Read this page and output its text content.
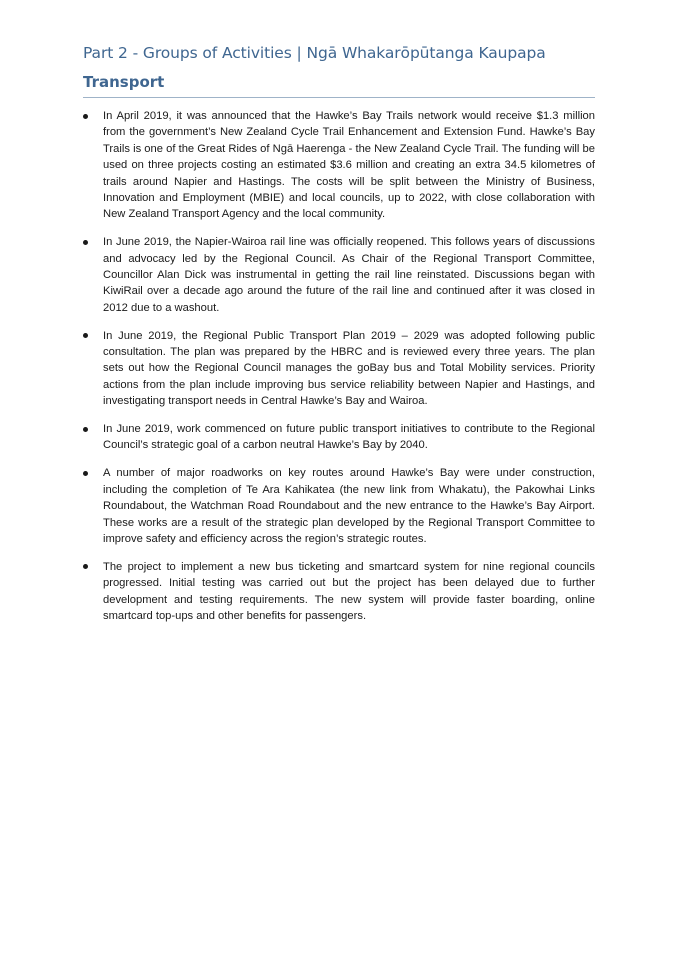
Part 2 - Groups of Activities | Ngā Whakarōpūtanga Kaupapa
Transport
In April 2019, it was announced that the Hawke’s Bay Trails network would receive $1.3 million from the government’s New Zealand Cycle Trail Enhancement and Extension Fund. Hawke’s Bay Trails is one of the Great Rides of Ngā Haerenga - the New Zealand Cycle Trail. The funding will be used on three projects costing an estimated $3.6 million and creating an extra 34.5 kilometres of trails around Napier and Hastings. The costs will be split between the Ministry of Business, Innovation and Employment (MBIE) and local councils, up to 2022, with close collaboration with New Zealand Transport Agency and the local community.
In June 2019, the Napier-Wairoa rail line was officially reopened. This follows years of discussions and advocacy led by the Regional Council. As Chair of the Regional Transport Committee, Councillor Alan Dick was instrumental in getting the rail line reinstated. Discussions began with KiwiRail over a decade ago around the future of the rail line and continued after it was closed in 2012 due to a washout.
In June 2019, the Regional Public Transport Plan 2019 – 2029 was adopted following public consultation. The plan was prepared by the HBRC and is reviewed every three years. The plan sets out how the Regional Council manages the goBay bus and Total Mobility services. Priority actions from the plan include improving bus service reliability between Napier and Hastings, and investigating transport needs in Central Hawke’s Bay and Wairoa.
In June 2019, work commenced on future public transport initiatives to contribute to the Regional Council’s strategic goal of a carbon neutral Hawke’s Bay by 2040.
A number of major roadworks on key routes around Hawke’s Bay were under construction, including the completion of Te Ara Kahikatea (the new link from Whakatu), the Pakowhai Links Roundabout, the Watchman Road Roundabout and the new entrance to the Hawke’s Bay Airport. These works are a result of the strategic plan developed by the Regional Transport Committee to improve safety and efficiency across the region’s strategic routes.
The project to implement a new bus ticketing and smartcard system for nine regional councils progressed. Initial testing was carried out but the project has been delayed due to further development and testing requirements. The new system will provide faster boarding, online smartcard top-ups and other benefits for passengers.
